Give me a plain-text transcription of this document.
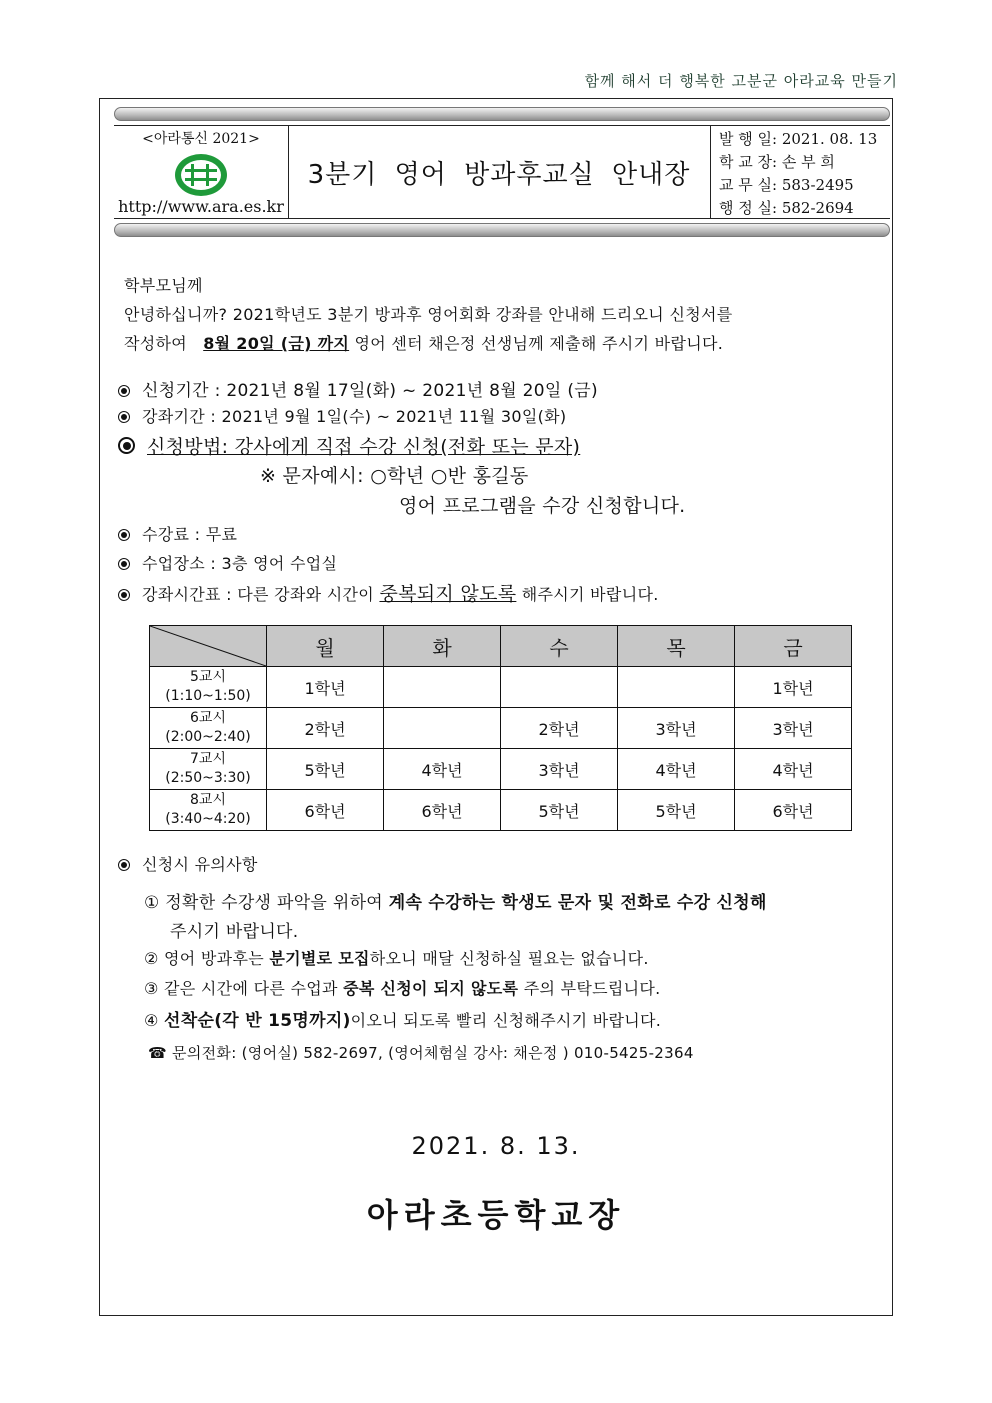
함께 해서 더 행복한 고분군 아라교육 만들기
<아라통신 2021>
http://www.ara.es.kr
3분기 영어 방과후교실 안내장
발 행 일: 2021. 08. 13
학 교 장: 손 부 희
교 무 실: 583-2495
행 정 실: 582-2694
학부모님께
안녕하십니까? 2021학년도 3분기 방과후 영어회화 강좌를 안내해 드리오니 신청서를
작성하여 8월 20일 (금) 까지 영어 센터 채은정 선생님께 제출해 주시기 바랍니다.
신청기간 : 2021년 8월 17일(화) ~ 2021년 8월 20일 (금)
강좌기간 : 2021년 9월 1일(수) ~ 2021년 11월 30일(화)
신청방법: 강사에게 직접 수강 신청(전화 또는 문자)
※ 문자예시: ○학년 ○반 홍길동
영어 프로그램을 수강 신청합니다.
수강료 : 무료
수업장소 : 3층 영어 수업실
강좌시간표 : 다른 강좌와 시간이 중복되지 않도록 해주시기 바랍니다.
	월	화	수	목	금

5교시
(1:10~1:50)	1학년				1학년

6교시
(2:00~2:40)	2학년		2학년	3학년	3학년

7교시
(2:50~3:30)	5학년	4학년	3학년	4학년	4학년

8교시
(3:40~4:20)	6학년	6학년	5학년	5학년	6학년
신청시 유의사항
① 정확한 수강생 파악을 위하여 계속 수강하는 학생도 문자 및 전화로 수강 신청해
주시기 바랍니다.
② 영어 방과후는 분기별로 모집하오니 매달 신청하실 필요는 없습니다.
③ 같은 시간에 다른 수업과 중복 신청이 되지 않도록 주의 부탁드립니다.
④ 선착순(각 반 15명까지)이오니 되도록 빨리 신청해주시기 바랍니다.
☎ 문의전화: (영어실) 582-2697, (영어체험실 강사: 채은정 ) 010-5425-2364
2021. 8. 13.
아라초등학교장
